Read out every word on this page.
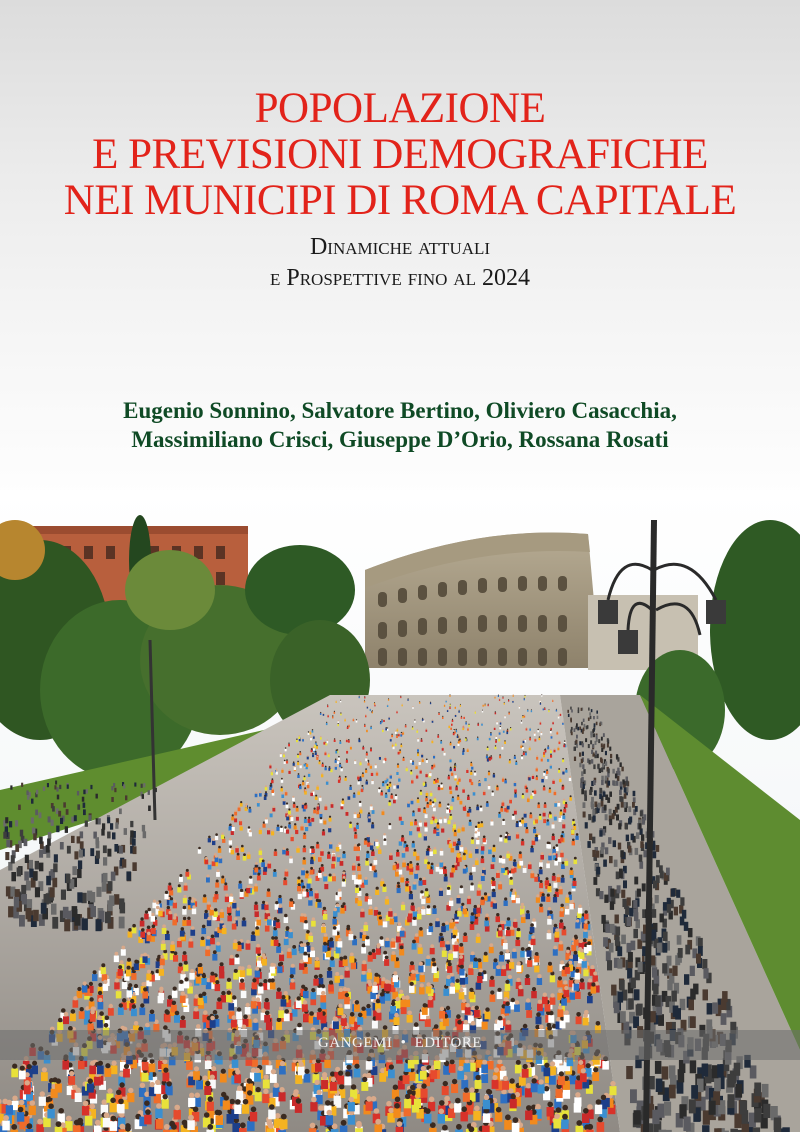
POPOLAZIONE
E PREVISIONI DEMOGRAFICHE
NEI MUNICIPI DI ROMA CAPITALE
Dinamiche attuali
e Prospettive fino al 2024
Eugenio Sonnino, Salvatore Bertino, Oliviero Casacchia,
Massimiliano Crisci, Giuseppe D’Orio, Rossana Rosati
GANGEMI • EDITORE
